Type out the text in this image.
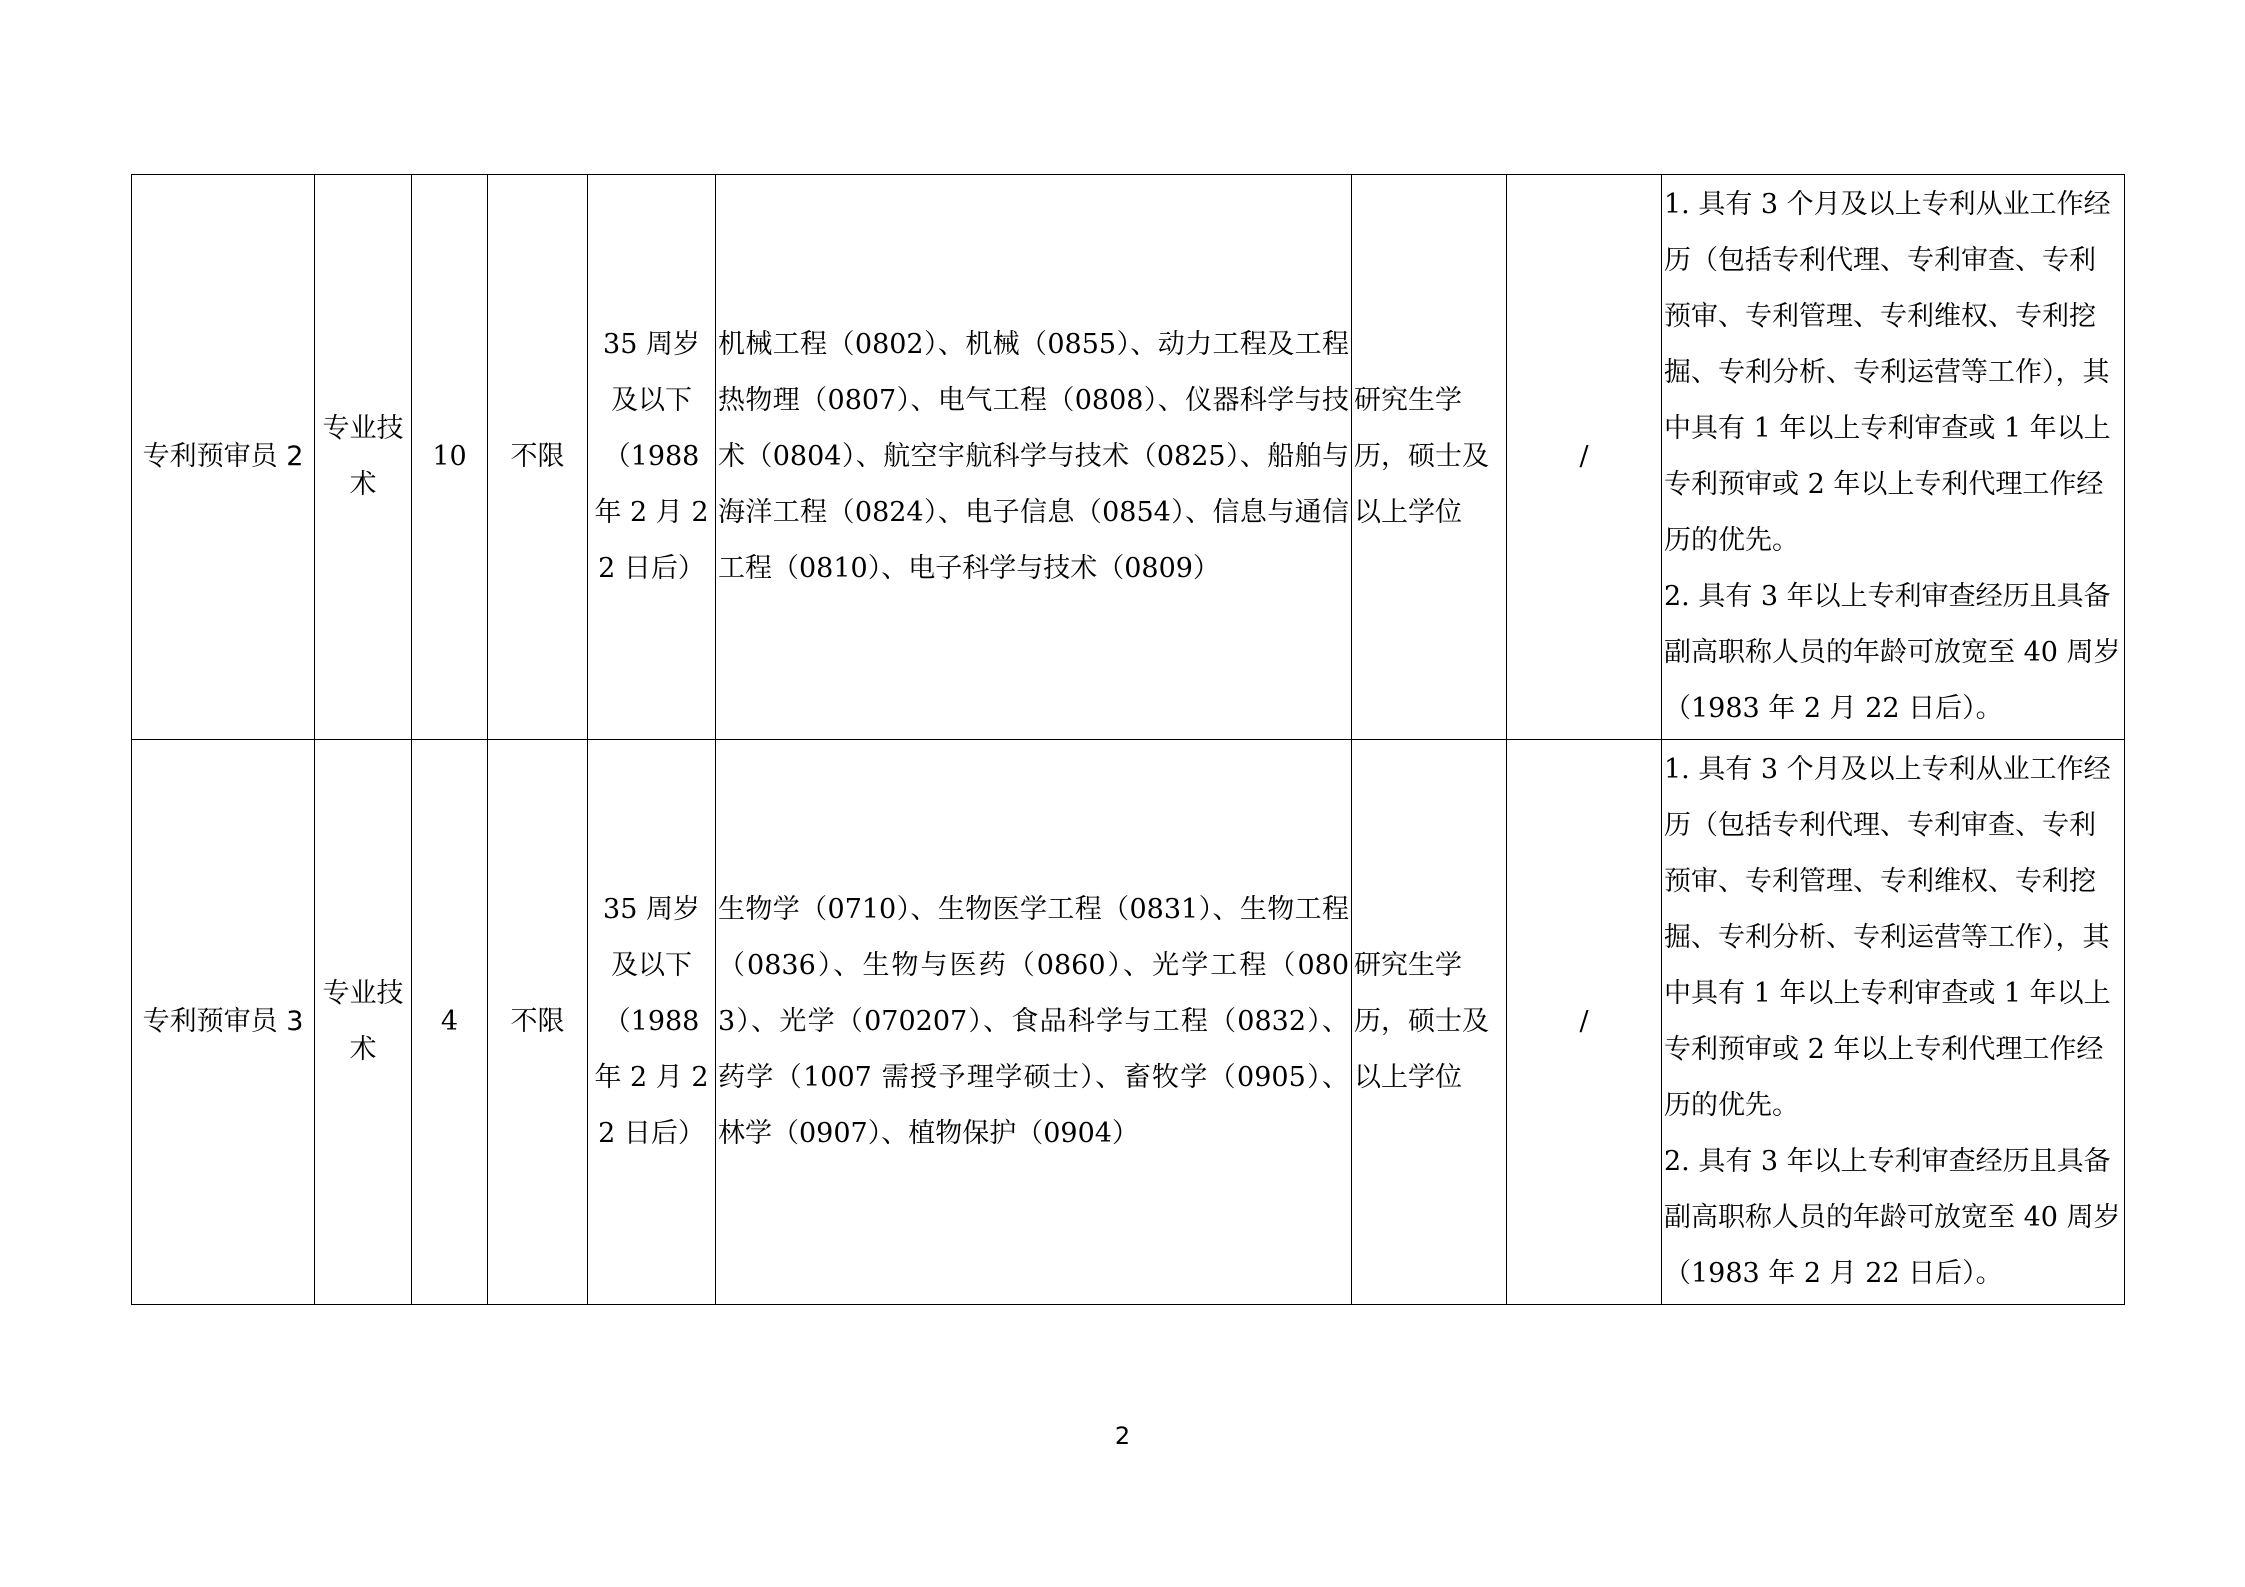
专利预审员 2	专业技术	10	不限	35 周岁及以下（1988 年 2 月 22 日后）	机械工程（0802）、机械（0855）、动力工程及工程热物理（0807）、电气工程（0808）、仪器科学与技术（0804）、航空宇航科学与技术（0825）、船舶与海洋工程（0824）、电子信息（0854）、信息与通信工程（0810）、电子科学与技术（0809）	研究生学历，硕士及以上学位	/	1. 具有 3 个月及以上专利从业工作经历（包括专利代理、专利审查、专利预审、专利管理、专利维权、专利挖掘、专利分析、专利运营等工作），其中具有 1 年以上专利审查或 1 年以上专利预审或 2 年以上专利代理工作经历的优先。
2. 具有 3 年以上专利审查经历且具备副高职称人员的年龄可放宽至 40 周岁（1983 年 2 月 22 日后）。

专利预审员 3	专业技术	4	不限	35 周岁及以下（1988 年 2 月 22 日后）	生物学（0710）、生物医学工程（0831）、生物工程（0836）、生物与医药（0860）、光学工程（0803）、光学（070207）、食品科学与工程（0832）、药学（1007 需授予理学硕士）、畜牧学（0905）、林学（0907）、植物保护（0904）	研究生学历，硕士及以上学位	/	1. 具有 3 个月及以上专利从业工作经历（包括专利代理、专利审查、专利预审、专利管理、专利维权、专利挖掘、专利分析、专利运营等工作），其中具有 1 年以上专利审查或 1 年以上专利预审或 2 年以上专利代理工作经历的优先。
2. 具有 3 年以上专利审查经历且具备副高职称人员的年龄可放宽至 40 周岁（1983 年 2 月 22 日后）。
2
